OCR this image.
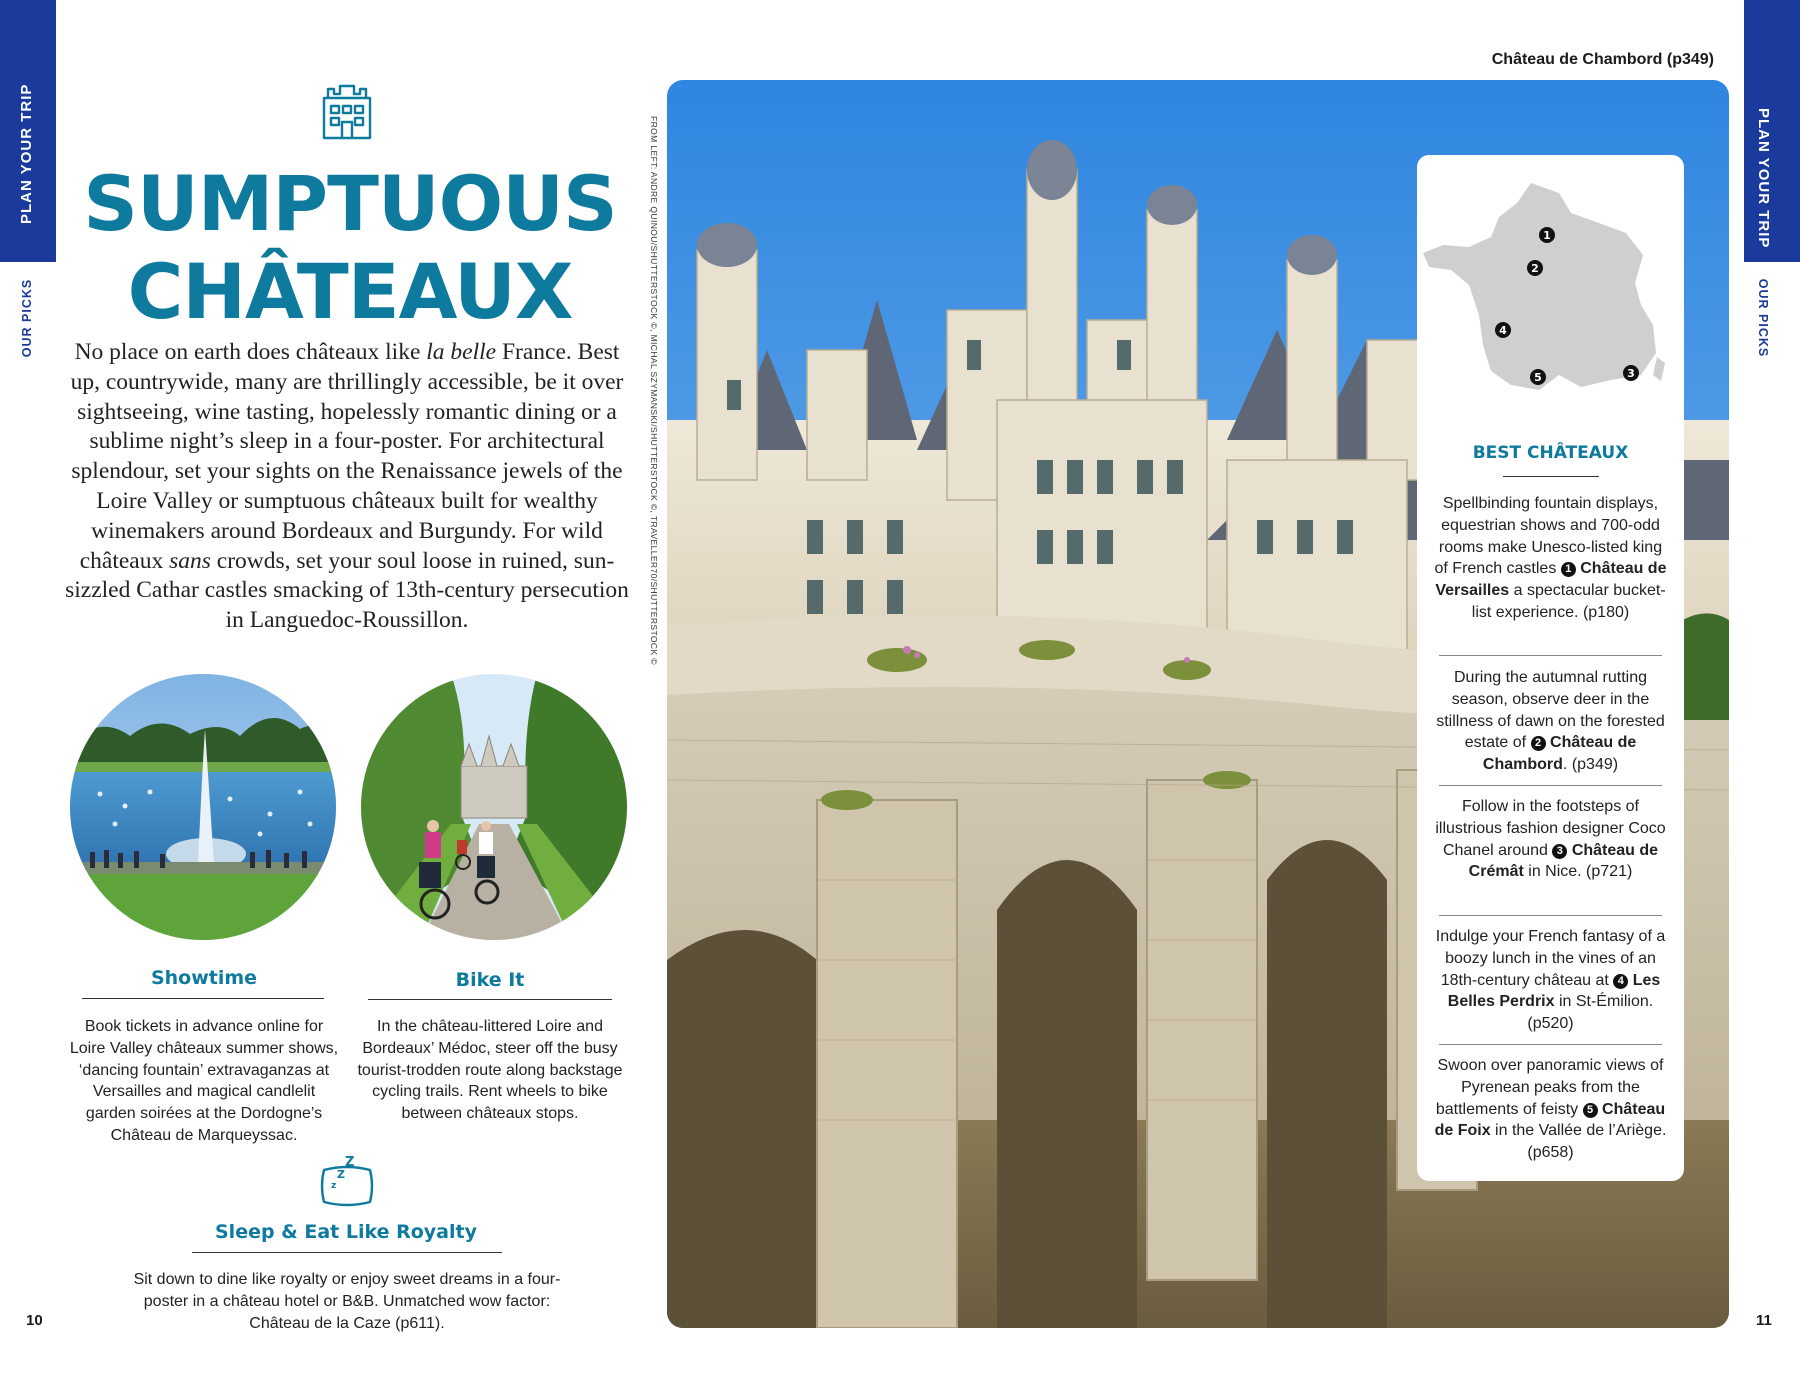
PLAN YOUR TRIP
OUR PICKS
PLAN YOUR TRIP
OUR PICKS
SUMPTUOUS
CHÂTEAUX
No place on earth does châteaux like la belle France. Best up, countrywide, many are thrillingly accessible, be it over sightseeing, wine tasting, hopelessly romantic dining or a sublime night’s sleep in a four-poster. For architectural splendour, set your sights on the Renaissance jewels of the Loire Valley or sumptuous châteaux built for wealthy winemakers around Bordeaux and Burgundy. For wild châteaux sans crowds, set your soul loose in ruined, sun-sizzled Cathar castles smacking of 13th-century persecution in Languedoc-Roussillon.
Showtime
Book tickets in advance online for Loire Valley châteaux summer shows, ‘dancing fountain’ extravaganzas at Versailles and magical candlelit garden soirées at the Dordogne’s Château de Marqueyssac.
Bike It
In the château-littered Loire and Bordeaux’ Médoc, steer off the busy tourist-trodden route along backstage cycling trails. Rent wheels to bike between châteaux stops.
Z
Z
z
Sleep & Eat Like Royalty
Sit down to dine like royalty or enjoy sweet dreams in a four-poster in a château hotel or B&B. Unmatched wow factor: Château de la Caze (p611).
10	11
FROM LEFT: ANDRE QUINOU/SHUTTERSTOCK ©, MICHAL SZYMANSKI/SHUTTERSTOCK ©, TRAVELLER70/SHUTTERSTOCK ©
Château de Chambord (p349)
1
2
3
4
5
BEST CHÂTEAUX
Spellbinding fountain displays, equestrian shows and 700-odd rooms make Unesco-listed king of French castles 1 Château de Versailles a spectacular bucket-list experience. (p180)
During the autumnal rutting season, observe deer in the stillness of dawn on the forested estate of 2 Château de Chambord. (p349)
Follow in the footsteps of illustrious fashion designer Coco Chanel around 3 Château de Crémât in Nice. (p721)
Indulge your French fantasy of a boozy lunch in the vines of an 18th-century château at 4 Les Belles Perdrix in St-Émilion. (p520)
Swoon over panoramic views of Pyrenean peaks from the battlements of feisty 5 Château de Foix in the Vallée de l’Ariège. (p658)
